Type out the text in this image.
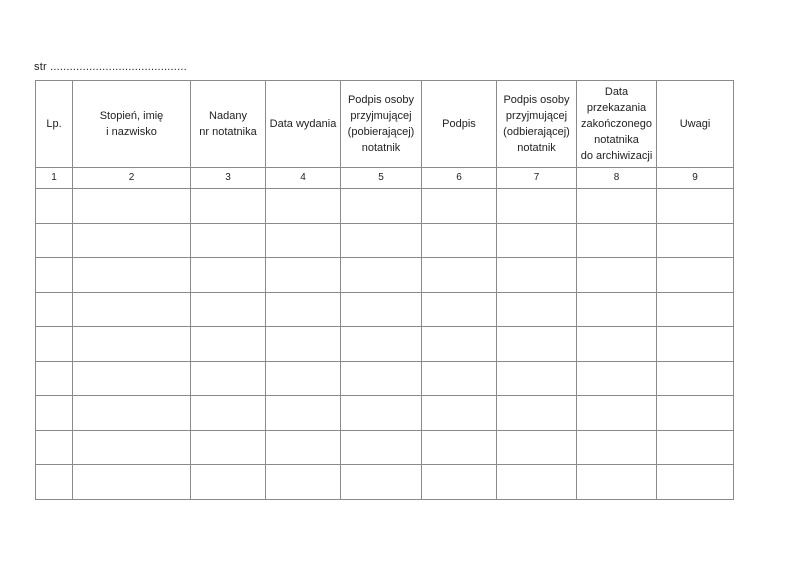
str ..........................................
Lp.	Stopień, imię
i nazwisko	Nadany
nr notatnika	Data wydania	Podpis osoby
przyjmującej
(pobierającej)
notatnik	Podpis	Podpis osoby
przyjmującej
(odbierającej)
notatnik	Data
przekazania
zakończonego
notatnika
do archiwizacji	Uwagi

1	2	3	4	5	6	7	8	9
